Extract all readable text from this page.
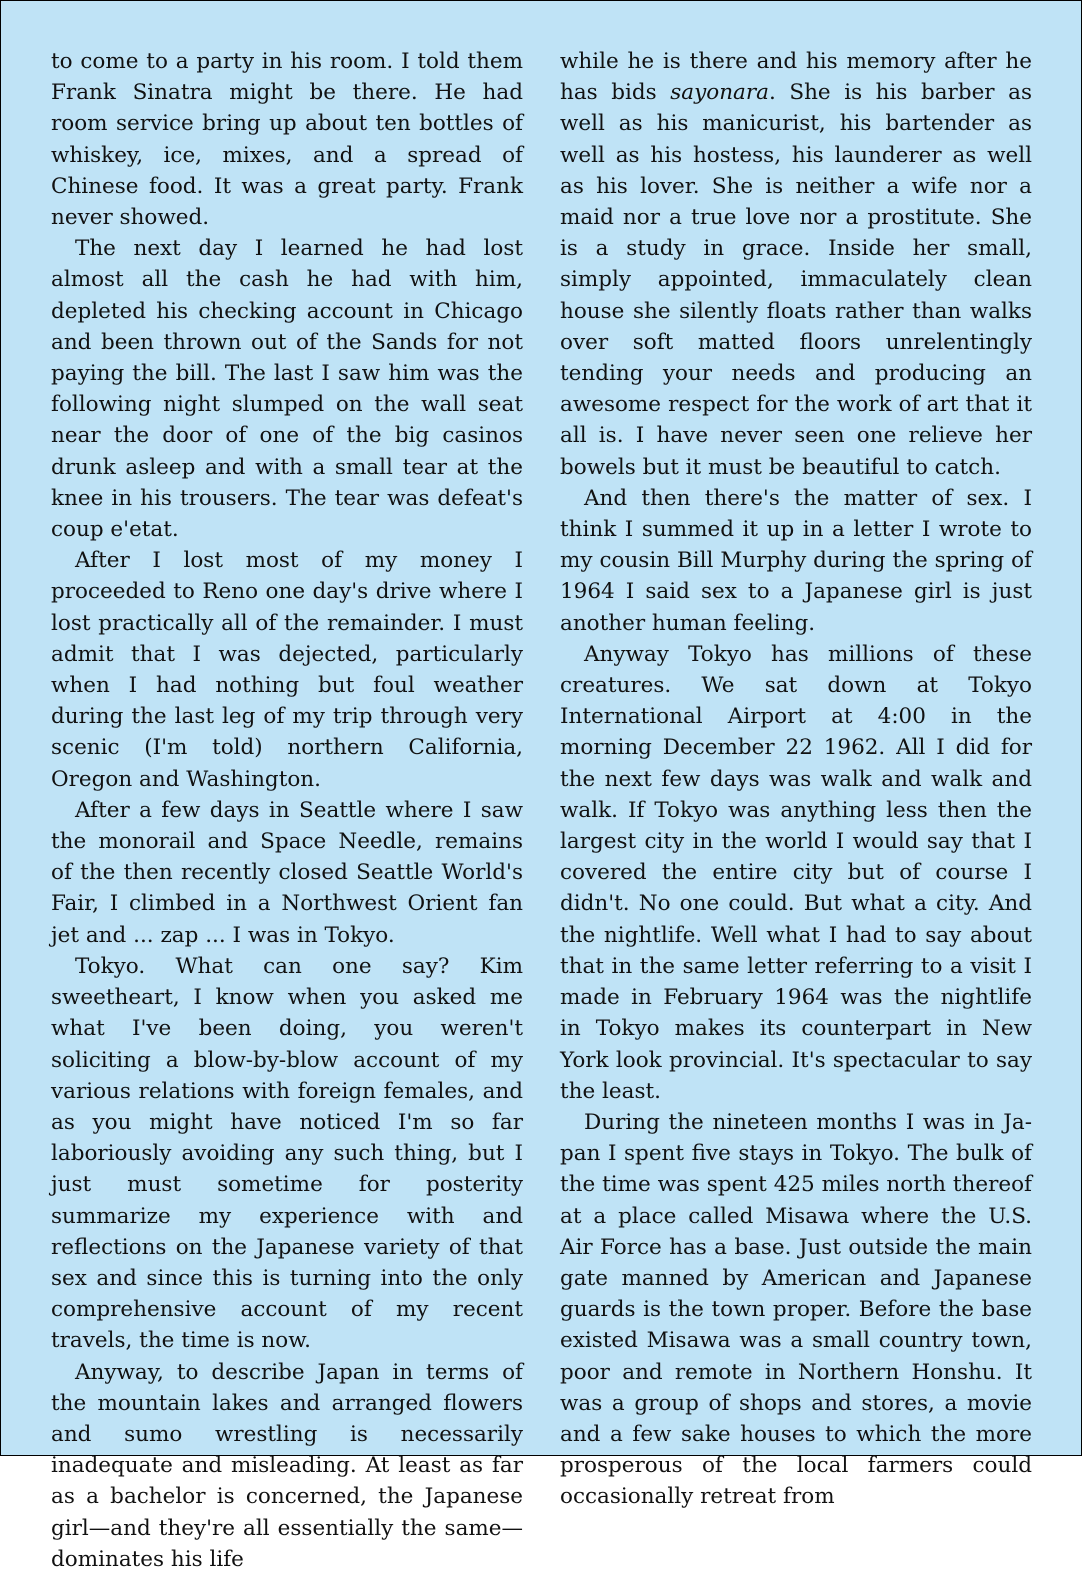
to come to a party in his room. I told them Frank Sinatra might be there. He had room service bring up about ten bottles of whiskey, ice, mixes, and a spread of Chinese food. It was a great party. Frank never showed.

The next day I learned he had lost almost all the cash he had with him, depleted his checking account in Chicago and been thrown out of the Sands for not paying the bill. The last I saw him was the following night slumped on the wall seat near the door of one of the big casinos drunk asleep and with a small tear at the knee in his trousers. The tear was defeat's coup e'etat.

After I lost most of my money I proceeded to Reno one day's drive where I lost practically all of the remainder. I must admit that I was dejected, particularly when I had nothing but foul weather during the last leg of my trip through very scenic (I'm told) northern California, Oregon and Washington.

After a few days in Seattle where I saw the monorail and Space Needle, remains of the then recently closed Seattle World's Fair, I climbed in a Northwest Orient fan jet and ... zap ... I was in Tokyo.

Tokyo. What can one say? Kim sweetheart, I know when you asked me what I've been doing, you weren't soliciting a blow-by-blow account of my various relations with foreign females, and as you might have noticed I'm so far laboriously avoiding any such thing, but I just must sometime for posterity summarize my experience with and reflections on the Japanese variety of that sex and since this is turning into the only comprehensive account of my recent travels, the time is now.

Anyway, to describe Japan in terms of the mountain lakes and arranged flowers and sumo wrestling is necessarily inadequate and misleading. At least as far as a bachelor is concerned, the Japanese girl—and they're all essentially the same—dominates his life

while he is there and his memory after he has bids sayonara. She is his barber as well as his manicurist, his bartender as well as his hostess, his launderer as well as his lover. She is neither a wife nor a maid nor a true love nor a prostitute. She is a study in grace. Inside her small, simply appointed, immaculately clean house she silently floats rather than walks over soft matted floors unrelentingly tending your needs and producing an awesome respect for the work of art that it all is. I have never seen one relieve her bowels but it must be beautiful to catch.

And then there's the matter of sex. I think I summed it up in a letter I wrote to my cousin Bill Murphy during the spring of 1964 I said sex to a Japanese girl is just another human feeling.

Anyway Tokyo has millions of these creatures. We sat down at Tokyo International Airport at 4:00 in the morning December 22 1962. All I did for the next few days was walk and walk and walk. If Tokyo was anything less then the largest city in the world I would say that I covered the entire city but of course I didn't. No one could. But what a city. And the nightlife. Well what I had to say about that in the same letter referring to a visit I made in February 1964 was the nightlife in Tokyo makes its counterpart in New York look provincial. It's spectacular to say the least.

During the nineteen months I was in Japan I spent five stays in Tokyo. The bulk of the time was spent 425 miles north thereof at a place called Misawa where the U.S. Air Force has a base. Just outside the main gate manned by American and Japanese guards is the town proper. Before the base existed Misawa was a small country town, poor and remote in Northern Honshu. It was a group of shops and stores, a movie and a few sake houses to which the more prosperous of the local farmers could occasionally retreat from
